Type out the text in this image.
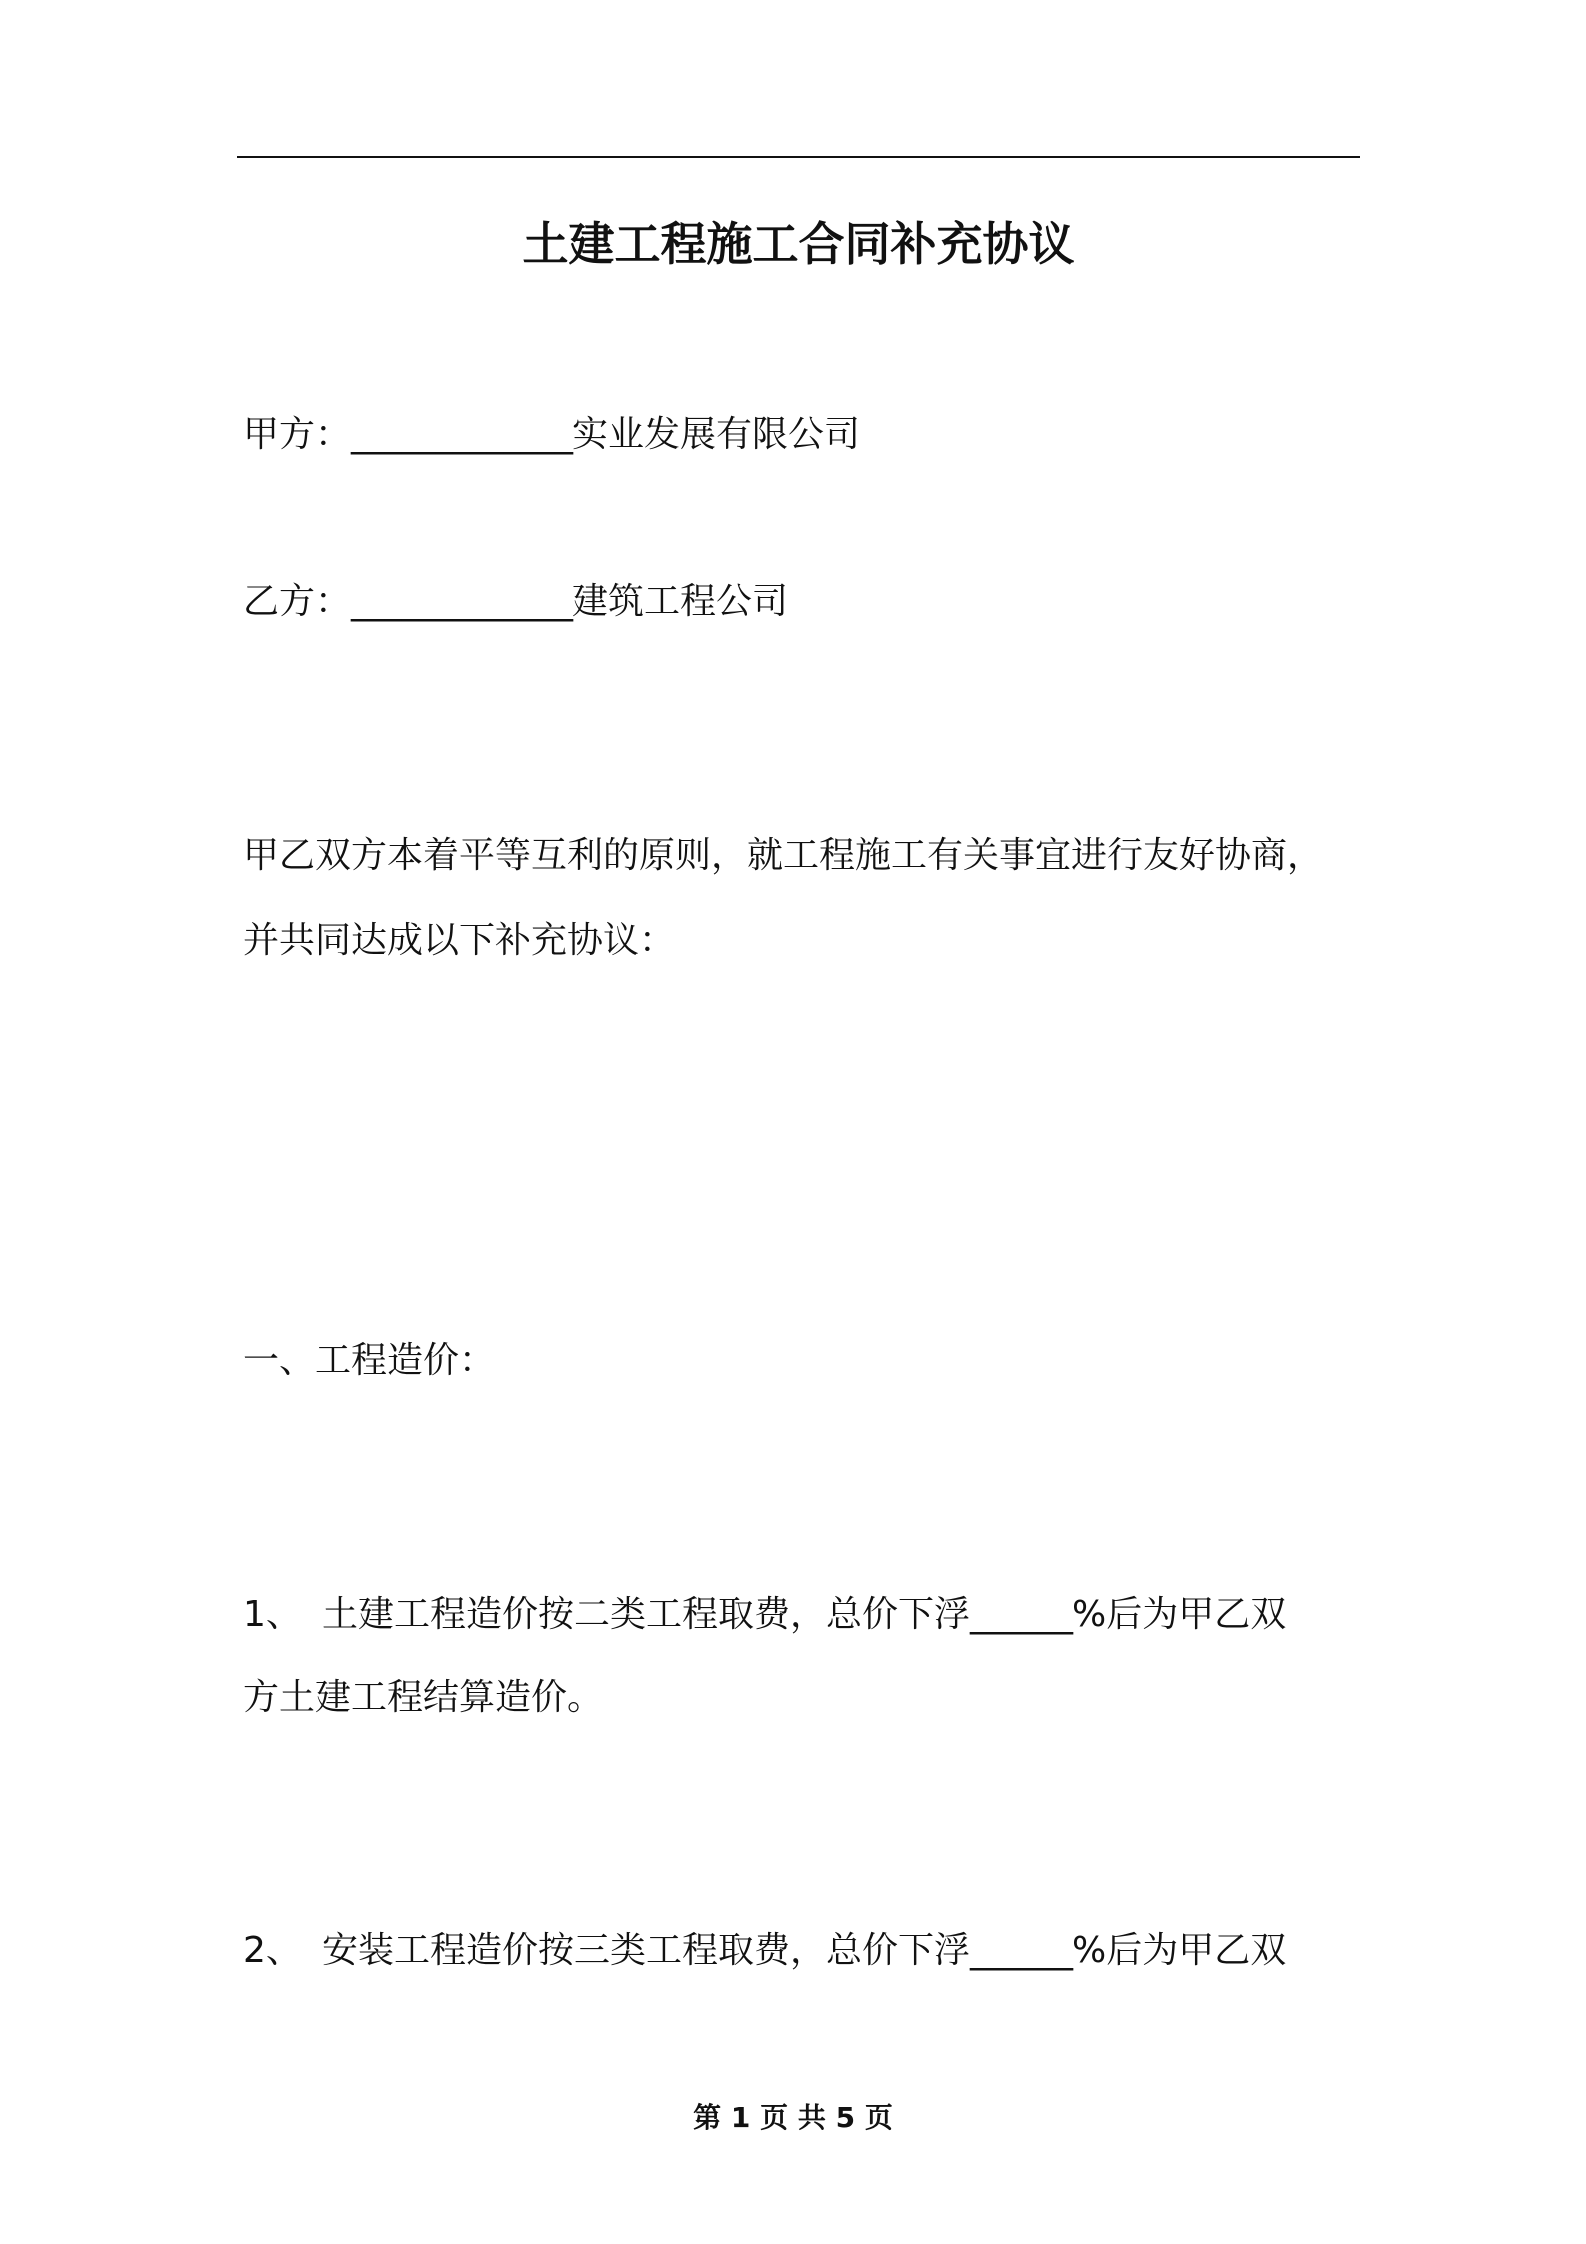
土建工程施工合同补充协议

甲方：_____________实业发展有限公司

乙方：_____________建筑工程公司

甲乙双方本着平等互利的原则，就工程施工有关事宜进行友好协商，

并共同达成以下补充协议：

一、工程造价：

1、 土建工程造价按二类工程取费，总价下浮______%后为甲乙双

方土建工程结算造价。

2、 安装工程造价按三类工程取费，总价下浮______%后为甲乙双

第 1 页 共 5 页
